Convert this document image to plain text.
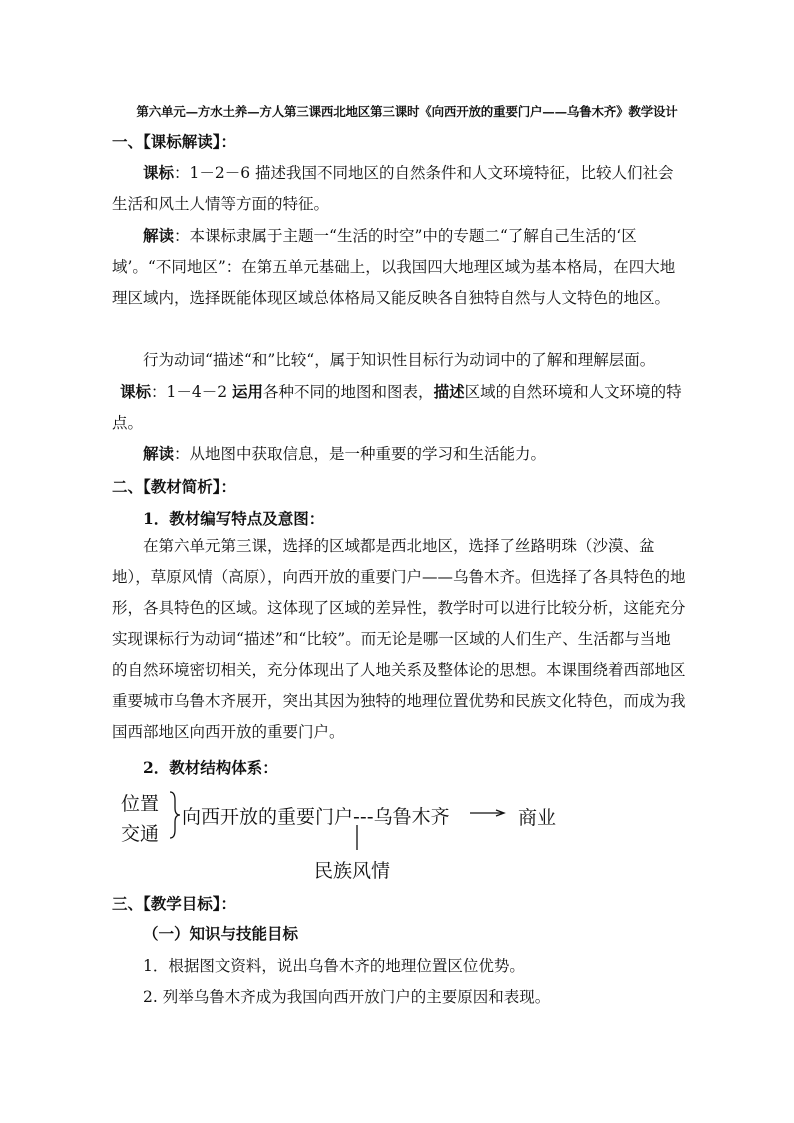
第六单元—方水土养—方人第三课西北地区第三课时《向西开放的重要门户——乌鲁木齐》教学设计
一、【课标解读】：
课标：1－2－6 描述我国不同地区的自然条件和人文环境特征，比较人们社会生活和风土人情等方面的特征。
解读：本课标隶属于主题一“生活的时空”中的专题二“了解自己生活的‘区域’。“不同地区”：在第五单元基础上，以我国四大地理区域为基本格局，在四大地理区域内，选择既能体现区域总体格局又能反映各自独特自然与人文特色的地区。
行为动词“描述“和”比较“，属于知识性目标行为动词中的了解和理解层面。
课标：1－4－2 运用各种不同的地图和图表，描述区域的自然环境和人文环境的特点。
解读：从地图中获取信息，是一种重要的学习和生活能力。
二、【教材简析】：
1．教材编写特点及意图：
在第六单元第三课，选择的区域都是西北地区，选择了丝路明珠（沙漠、盆地），草原风情（高原），向西开放的重要门户——乌鲁木齐。但选择了各具特色的地形，各具特色的区域。这体现了区域的差异性，教学时可以进行比较分析，这能充分实现课标行为动词“描述”和“比较”。而无论是哪一区域的人们生产、生活都与当地的自然环境密切相关，充分体现出了人地关系及整体论的思想。本课围绕着西部地区重要城市乌鲁木齐展开，突出其因为独特的地理位置优势和民族文化特色，而成为我国西部地区向西开放的重要门户。
2．教材结构体系：
位置
交通
向西开放的重要门户---乌鲁木齐	商业
民族风情
三、【教学目标】：
（一）知识与技能目标
1．根据图文资料，说出乌鲁木齐的地理位置区位优势。
2. 列举乌鲁木齐成为我国向西开放门户的主要原因和表现。
